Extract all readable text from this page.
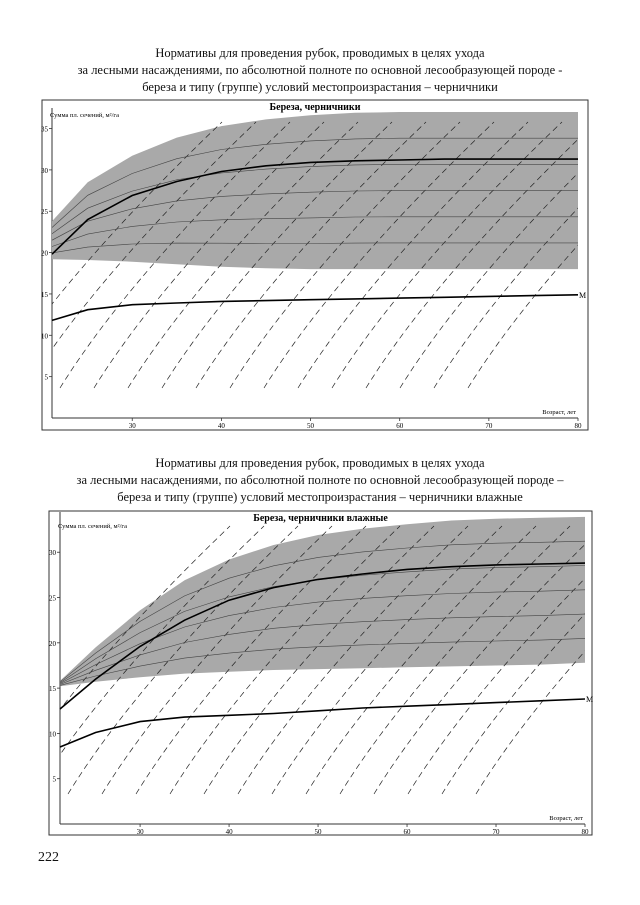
Нормативы для проведения рубок, проводимых в целях ухода
за лесными насаждениями, по абсолютной полноте по основной лесообразующей породе -
береза и типу (группе) условий местопроизрастания – черничники
Нормативы для проведения рубок, проводимых в целях ухода
за лесными насаждениями, по абсолютной полноте по основной лесообразующей породе –
береза и типу (группе) условий местопроизрастания – черничники влажные
M
5
10
15
20
25
30
35
30	40	50	60	70	80
Береза, черничники
Сумма пл. сечений, м²/га
Возраст, лет
M
5
10
15
20
25
30
30	40	50	60	70	80
Береза, черничники влажные
Сумма пл. сечений, м²/га
Возраст, лет
222
